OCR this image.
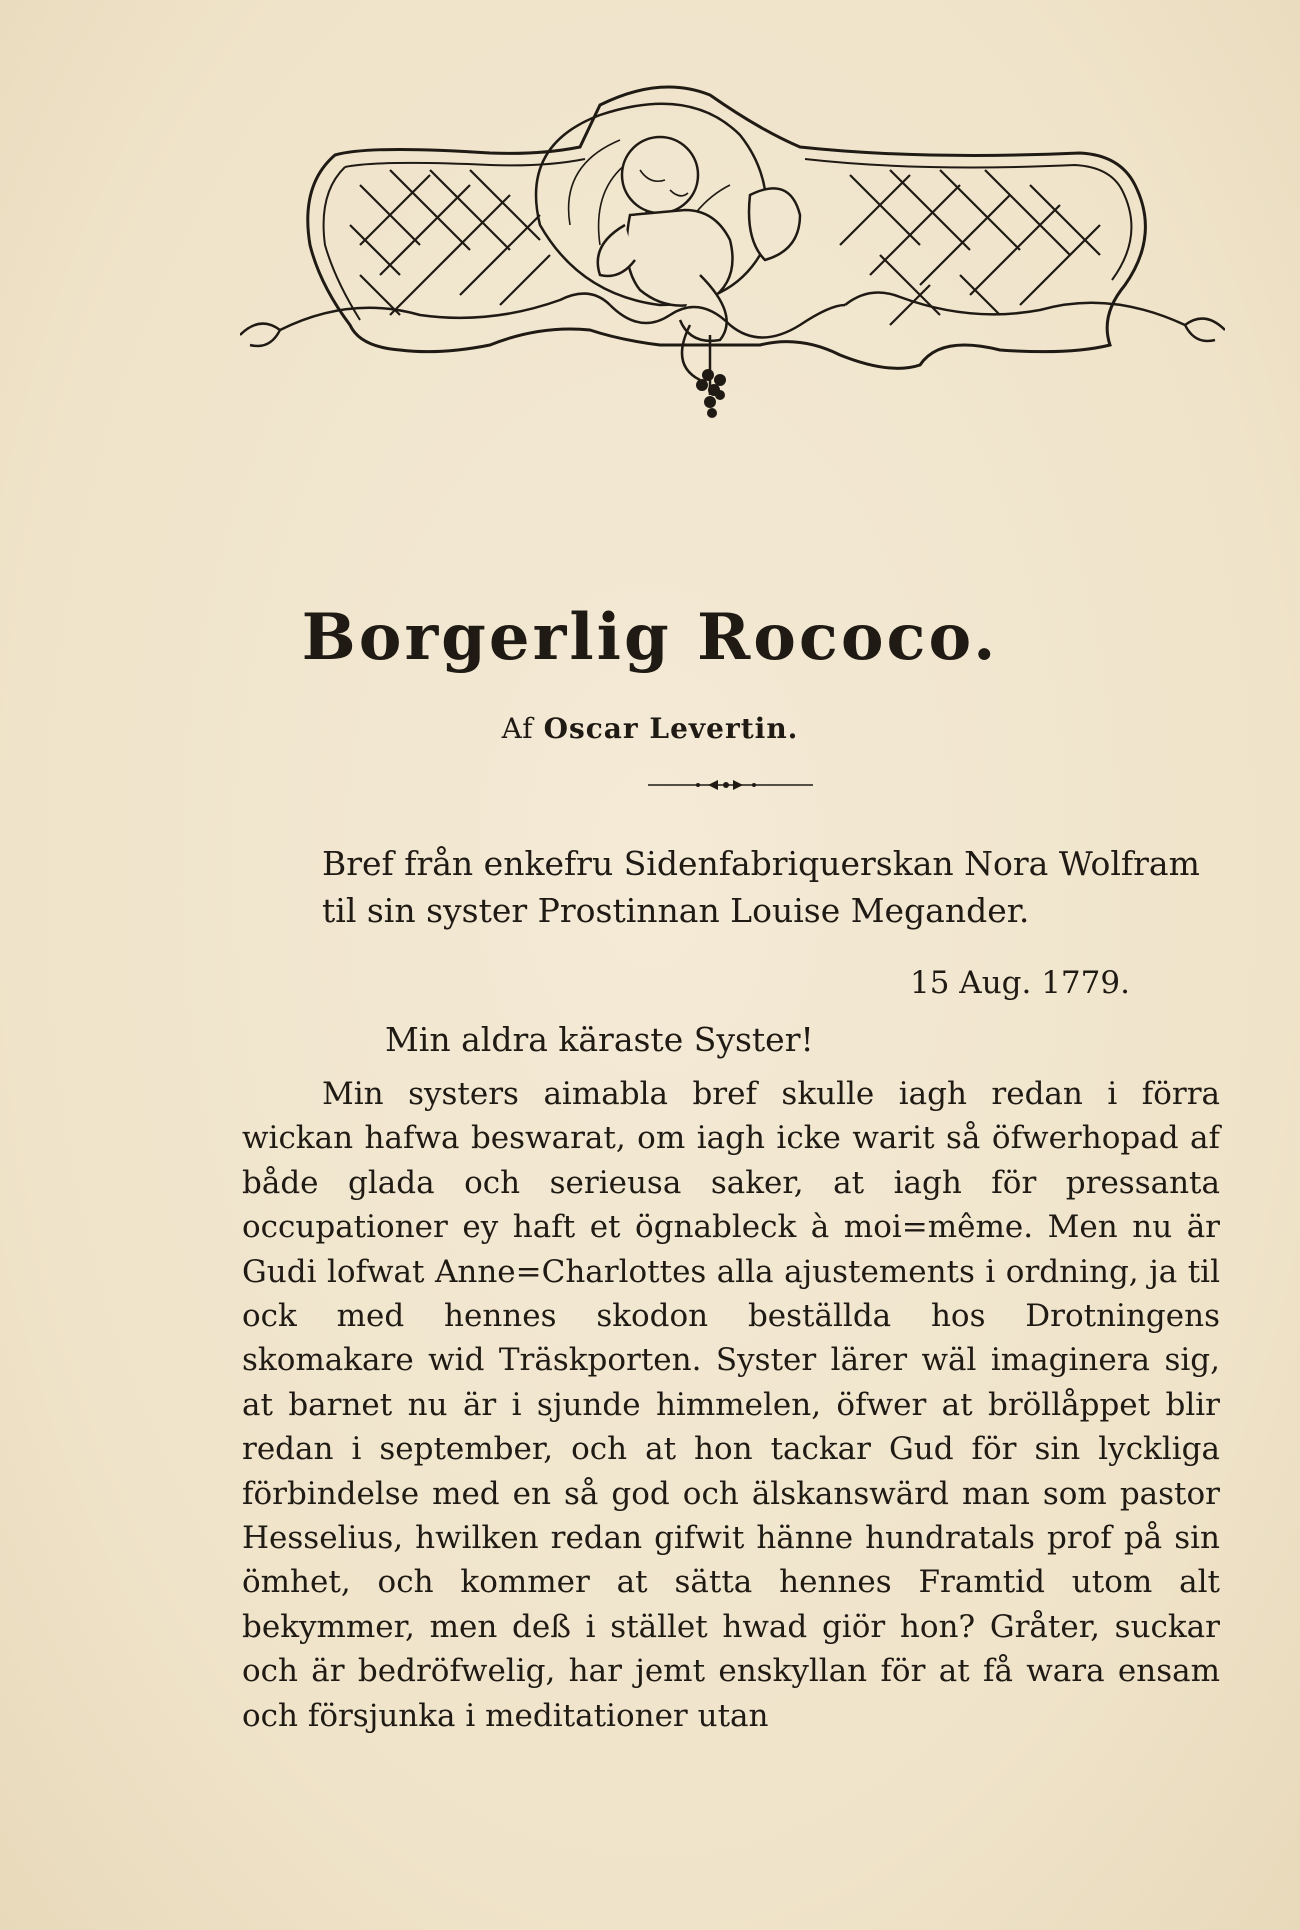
Borgerlig Rococo.
Af Oscar Levertin.
Bref från enkefru Sidenfabriquerskan Nora Wolfram til sin syster Prostinnan Louise Megander.
15 Aug. 1779.
Min aldra käraste Syster!
Min systers aimabla bref skulle iagh redan i förra wickan hafwa beswarat, om iagh icke warit så öfwerhopad af både glada och serieusa saker, at iagh för pressanta occupationer ey haft et ögnableck à moi=même. Men nu är Gudi lofwat Anne=Charlottes alla ajustements i ordning, ja til ock med hennes skodon beställda hos Drotningens skomakare wid Träskporten. Syster lärer wäl imaginera sig, at barnet nu är i sjunde himmelen, öfwer at bröllåppet blir redan i september, och at hon tackar Gud för sin lyckliga förbindelse med en så god och älskanswärd man som pastor Hesselius, hwilken redan gifwit hänne hundratals prof på sin ömhet, och kommer at sätta hennes Framtid utom alt bekymmer, men deß i stället hwad giör hon? Gråter, suckar och är bedröfwelig, har jemt enskyllan för at få wara ensam och försjunka i meditationer utan
